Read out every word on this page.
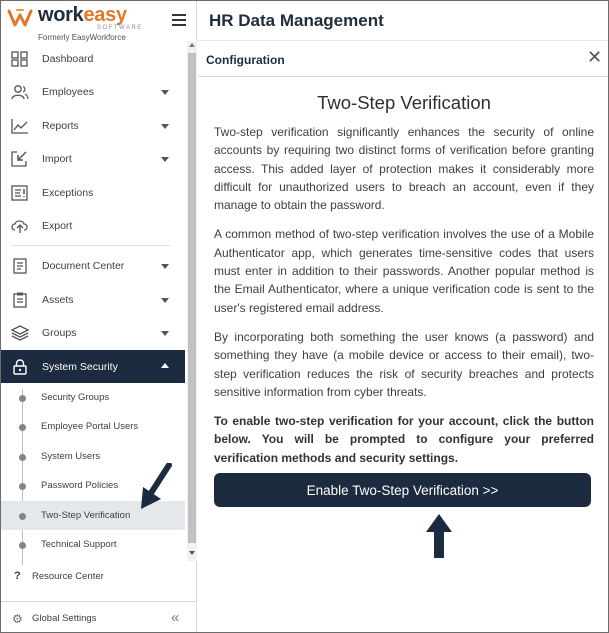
workeasy
SOFTWARE
Formerly EasyWorkforce
Dashboard
Employees
Reports
Import
Exceptions
Export
Document Center
Assets
Groups
System Security
Security Groups
Employee Portal Users
System Users
Password Policies
Two-Step Verification
Technical Support
? Resource Center
⚙ Global Settings	«
HR Data Management
Configuration	✕
Two-Step Verification

Two-step verification significantly enhances the security of online accounts by requiring two distinct forms of verification before granting access. This added layer of protection makes it considerably more difficult for unauthorized users to breach an account, even if they manage to obtain the password.

A common method of two-step verification involves the use of a Mobile Authenticator app, which generates time-sensitive codes that users must enter in addition to their passwords. Another popular method is the Email Authenticator, where a unique verification code is sent to the user's registered email address.

By incorporating both something the user knows (a password) and something they have (a mobile device or access to their email), two-step verification reduces the risk of security breaches and protects sensitive information from cyber threats.

To enable two-step verification for your account, click the button below. You will be prompted to configure your preferred verification methods and security settings.

Enable Two-Step Verification >>
